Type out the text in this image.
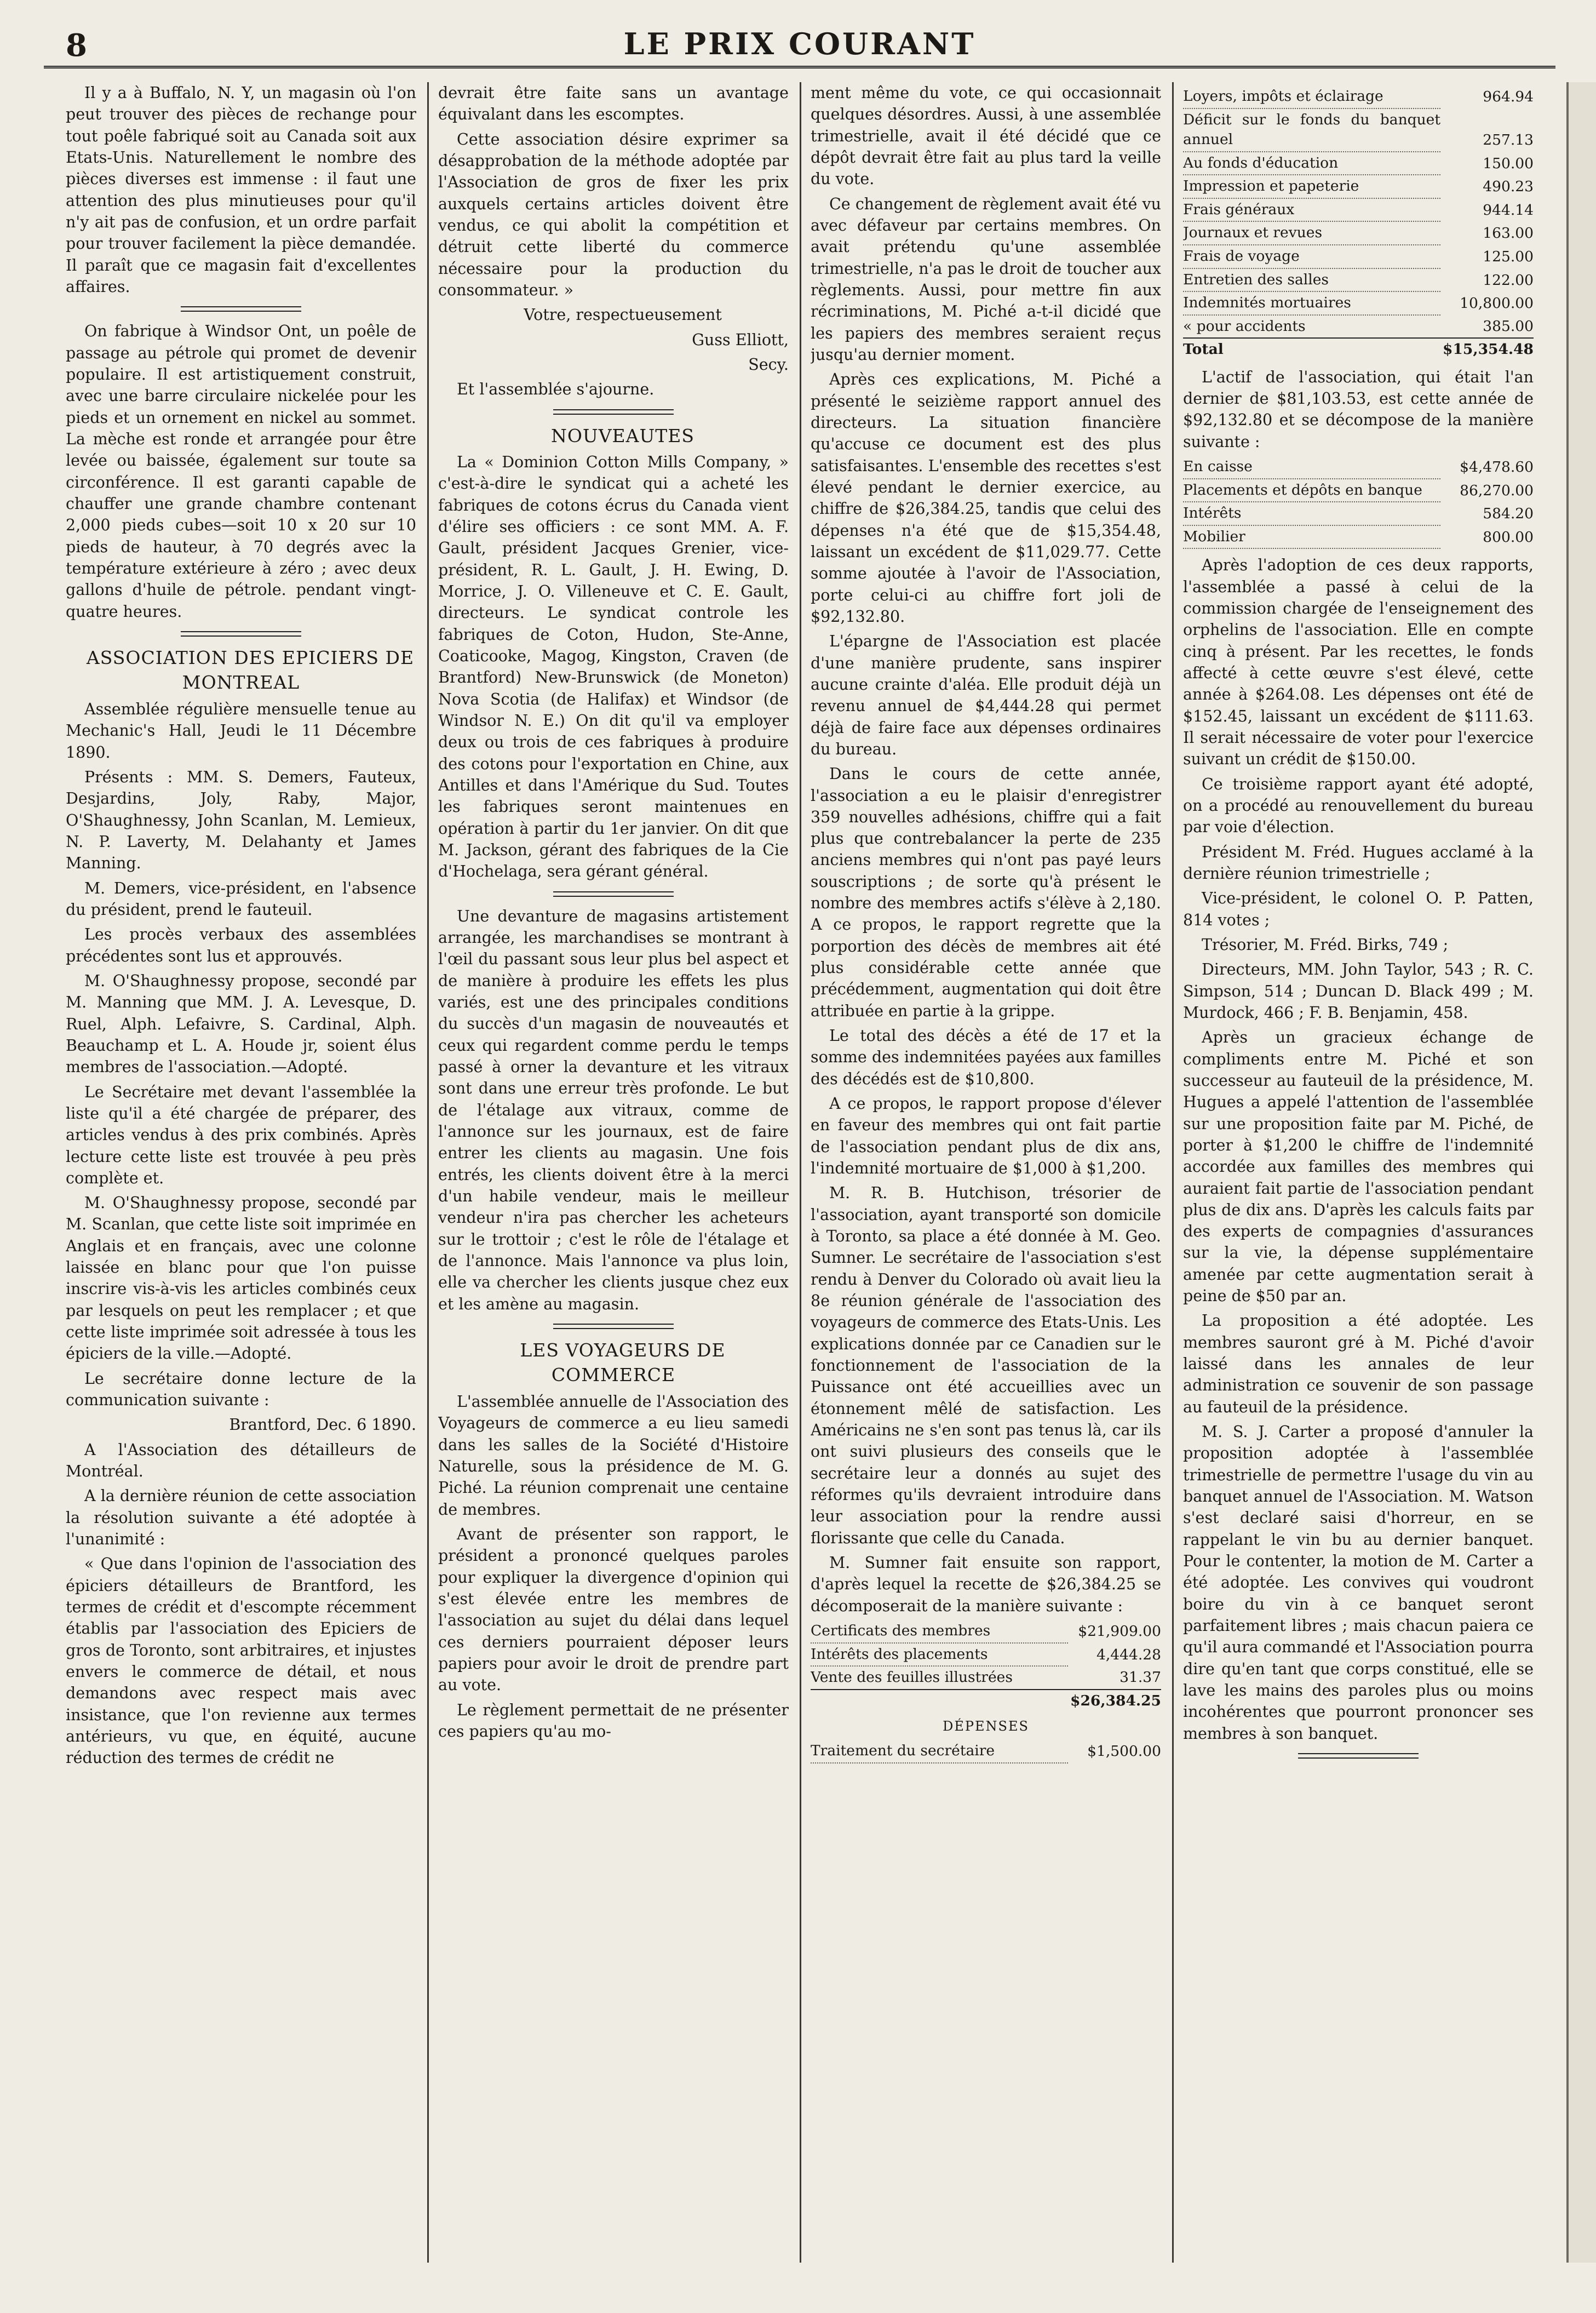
8	LE PRIX COURANT

Il y a à Buffalo, N. Y, un magasin où l'on peut trouver des pièces de rechange pour tout poêle fabriqué soit au Canada soit aux Etats-Unis. Naturellement le nombre des pièces diverses est immense : il faut une attention des plus minutieuses pour qu'il n'y ait pas de confusion, et un ordre parfait pour trouver facilement la pièce demandée. Il paraît que ce magasin fait d'excellentes affaires.

On fabrique à Windsor Ont, un poêle de passage au pétrole qui promet de devenir populaire. Il est artistiquement construit, avec une barre circulaire nickelée pour les pieds et un ornement en nickel au sommet. La mèche est ronde et arrangée pour être levée ou baissée, également sur toute sa circonférence. Il est garanti capable de chauffer une grande chambre contenant 2,000 pieds cubes—soit 10 x 20 sur 10 pieds de hauteur, à 70 degrés avec la température extérieure à zéro ; avec deux gallons d'huile de pétrole. pendant vingt-quatre heures.

ASSOCIATION DES EPICIERS DE MONTREAL

Assemblée régulière mensuelle tenue au Mechanic's Hall, Jeudi le 11 Décembre 1890.

Présents : MM. S. Demers, Fauteux, Desjardins, Joly, Raby, Major, O'Shaughnessy, John Scanlan, M. Lemieux, N. P. Laverty, M. Delahanty et James Manning.

M. Demers, vice-président, en l'absence du président, prend le fauteuil.

Les procès verbaux des assemblées précédentes sont lus et approuvés.

M. O'Shaughnessy propose, secondé par M. Manning que MM. J. A. Levesque, D. Ruel, Alph. Lefaivre, S. Cardinal, Alph. Beauchamp et L. A. Houde jr, soient élus membres de l'association.—Adopté.

Le Secrétaire met devant l'assemblée la liste qu'il a été chargée de préparer, des articles vendus à des prix combinés. Après lecture cette liste est trouvée à peu près complète et.

M. O'Shaughnessy propose, secondé par M. Scanlan, que cette liste soit imprimée en Anglais et en français, avec une colonne laissée en blanc pour que l'on puisse inscrire vis-à-vis les articles combinés ceux par lesquels on peut les remplacer ; et que cette liste imprimée soit adressée à tous les épiciers de la ville.—Adopté.

Le secrétaire donne lecture de la communication suivante :

Brantford, Dec. 6 1890.

A l'Association des détailleurs de Montréal.

A la dernière réunion de cette association la résolution suivante a été adoptée à l'unanimité :

« Que dans l'opinion de l'association des épiciers détailleurs de Brantford, les termes de crédit et d'escompte récemment établis par l'association des Epiciers de gros de Toronto, sont arbitraires, et injustes envers le commerce de détail, et nous demandons avec respect mais avec insistance, que l'on revienne aux termes antérieurs, vu que, en équité, aucune réduction des termes de crédit ne

devrait être faite sans un avantage équivalant dans les escomptes.

Cette association désire exprimer sa désapprobation de la méthode adoptée par l'Association de gros de fixer les prix auxquels certains articles doivent être vendus, ce qui abolit la compétition et détruit cette liberté du commerce nécessaire pour la production du consommateur. »

Votre, respectueusement

Guss Elliott,

Secy.

Et l'assemblée s'ajourne.

NOUVEAUTES

La « Dominion Cotton Mills Company, » c'est-à-dire le syndicat qui a acheté les fabriques de cotons écrus du Canada vient d'élire ses officiers : ce sont MM. A. F. Gault, président Jacques Grenier, vice-président, R. L. Gault, J. H. Ewing, D. Morrice, J. O. Villeneuve et C. E. Gault, directeurs. Le syndicat controle les fabriques de Coton, Hudon, Ste-Anne, Coaticooke, Magog, Kingston, Craven (de Brantford) New-Brunswick (de Moneton) Nova Scotia (de Halifax) et Windsor (de Windsor N. E.) On dit qu'il va employer deux ou trois de ces fabriques à produire des cotons pour l'exportation en Chine, aux Antilles et dans l'Amérique du Sud. Toutes les fabriques seront maintenues en opération à partir du 1er janvier. On dit que M. Jackson, gérant des fabriques de la Cie d'Hochelaga, sera gérant général.

Une devanture de magasins artistement arrangée, les marchandises se montrant à l'œil du passant sous leur plus bel aspect et de manière à produire les effets les plus variés, est une des principales conditions du succès d'un magasin de nouveautés et ceux qui regardent comme perdu le temps passé à orner la devanture et les vitraux sont dans une erreur très profonde. Le but de l'étalage aux vitraux, comme de l'annonce sur les journaux, est de faire entrer les clients au magasin. Une fois entrés, les clients doivent être à la merci d'un habile vendeur, mais le meilleur vendeur n'ira pas chercher les acheteurs sur le trottoir ; c'est le rôle de l'étalage et de l'annonce. Mais l'annonce va plus loin, elle va chercher les clients jusque chez eux et les amène au magasin.

LES VOYAGEURS DE COMMERCE

L'assemblée annuelle de l'Association des Voyageurs de commerce a eu lieu samedi dans les salles de la Société d'Histoire Naturelle, sous la présidence de M. G. Piché. La réunion comprenait une centaine de membres.

Avant de présenter son rapport, le président a prononcé quelques paroles pour expliquer la divergence d'opinion qui s'est élevée entre les membres de l'association au sujet du délai dans lequel ces derniers pourraient déposer leurs papiers pour avoir le droit de prendre part au vote.

Le règlement permettait de ne présenter ces papiers qu'au mo-

ment même du vote, ce qui occasionnait quelques désordres. Aussi, à une assemblée trimestrielle, avait il été décidé que ce dépôt devrait être fait au plus tard la veille du vote.

Ce changement de règlement avait été vu avec défaveur par certains membres. On avait prétendu qu'une assemblée trimestrielle, n'a pas le droit de toucher aux règlements. Aussi, pour mettre fin aux récriminations, M. Piché a-t-il dicidé que les papiers des membres seraient reçus jusqu'au dernier moment.

Après ces explications, M. Piché a présenté le seizième rapport annuel des directeurs. La situation financière qu'accuse ce document est des plus satisfaisantes. L'ensemble des recettes s'est élevé pendant le dernier exercice, au chiffre de $26,384.25, tandis que celui des dépenses n'a été que de $15,354.48, laissant un excédent de $11,029.77. Cette somme ajoutée à l'avoir de l'Association, porte celui-ci au chiffre fort joli de $92,132.80.

L'épargne de l'Association est placée d'une manière prudente, sans inspirer aucune crainte d'aléa. Elle produit déjà un revenu annuel de $4,444.28 qui permet déjà de faire face aux dépenses ordinaires du bureau.

Dans le cours de cette année, l'association a eu le plaisir d'enregistrer 359 nouvelles adhésions, chiffre qui a fait plus que contrebalancer la perte de 235 anciens membres qui n'ont pas payé leurs souscriptions ; de sorte qu'à présent le nombre des membres actifs s'élève à 2,180. A ce propos, le rapport regrette que la porportion des décès de membres ait été plus considérable cette année que précédemment, augmentation qui doit être attribuée en partie à la grippe.

Le total des décès a été de 17 et la somme des indemnitées payées aux familles des décédés est de $10,800.

A ce propos, le rapport propose d'élever en faveur des membres qui ont fait partie de l'association pendant plus de dix ans, l'indemnité mortuaire de $1,000 à $1,200.

M. R. B. Hutchison, trésorier de l'association, ayant transporté son domicile à Toronto, sa place a été donnée à M. Geo. Sumner. Le secrétaire de l'association s'est rendu à Denver du Colorado où avait lieu la 8e réunion générale de l'association des voyageurs de commerce des Etats-Unis. Les explications donnée par ce Canadien sur le fonctionnement de l'association de la Puissance ont été accueillies avec un étonnement mêlé de satisfaction. Les Américains ne s'en sont pas tenus là, car ils ont suivi plusieurs des conseils que le secrétaire leur a donnés au sujet des réformes qu'ils devraient introduire dans leur association pour la rendre aussi florissante que celle du Canada.

M. Sumner fait ensuite son rapport, d'après lequel la recette de $26,384.25 se décomposerait de la manière suivante :

Certificats des membres	$21,909.00
Intérêts des placements	4,444.28
Vente des feuilles illustrées	31.37
	$26,384.25
DÉPENSES
Traitement du secrétaire	$1,500.00
Loyers, impôts et éclairage	964.94
Déficit sur le fonds du banquet annuel	257.13
Au fonds d'éducation	150.00
Impression et papeterie	490.23
Frais généraux	944.14
Journaux et revues	163.00
Frais de voyage	125.00
Entretien des salles	122.00
Indemnités mortuaires	10,800.00
« pour accidents	385.00
Total	$15,354.48

L'actif de l'association, qui était l'an dernier de $81,103.53, est cette année de $92,132.80 et se décompose de la manière suivante :

En caisse	$4,478.60
Placements et dépôts en banque	86,270.00
Intérêts	584.20
Mobilier	800.00

Après l'adoption de ces deux rapports, l'assemblée a passé à celui de la commission chargée de l'enseignement des orphelins de l'association. Elle en compte cinq à présent. Par les recettes, le fonds affecté à cette œuvre s'est élevé, cette année à $264.08. Les dépenses ont été de $152.45, laissant un excédent de $111.63. Il serait nécessaire de voter pour l'exercice suivant un crédit de $150.00.

Ce troisième rapport ayant été adopté, on a procédé au renouvellement du bureau par voie d'élection.

Président M. Fréd. Hugues acclamé à la dernière réunion trimestrielle ;

Vice-président, le colonel O. P. Patten, 814 votes ;

Trésorier, M. Fréd. Birks, 749 ;

Directeurs, MM. John Taylor, 543 ; R. C. Simpson, 514 ; Duncan D. Black 499 ; M. Murdock, 466 ; F. B. Benjamin, 458.

Après un gracieux échange de compliments entre M. Piché et son successeur au fauteuil de la présidence, M. Hugues a appelé l'attention de l'assemblée sur une proposition faite par M. Piché, de porter à $1,200 le chiffre de l'indemnité accordée aux familles des membres qui auraient fait partie de l'association pendant plus de dix ans. D'après les calculs faits par des experts de compagnies d'assurances sur la vie, la dépense supplémentaire amenée par cette augmentation serait à peine de $50 par an.

La proposition a été adoptée. Les membres sauront gré à M. Piché d'avoir laissé dans les annales de leur administration ce souvenir de son passage au fauteuil de la présidence.

M. S. J. Carter a proposé d'annuler la proposition adoptée à l'assemblée trimestrielle de permettre l'usage du vin au banquet annuel de l'Association. M. Watson s'est declaré saisi d'horreur, en se rappelant le vin bu au dernier banquet. Pour le contenter, la motion de M. Carter a été adoptée. Les convives qui voudront boire du vin à ce banquet seront parfaitement libres ; mais chacun paiera ce qu'il aura commandé et l'Association pourra dire qu'en tant que corps constitué, elle se lave les mains des paroles plus ou moins incohérentes que pourront prononcer ses membres à son banquet.
